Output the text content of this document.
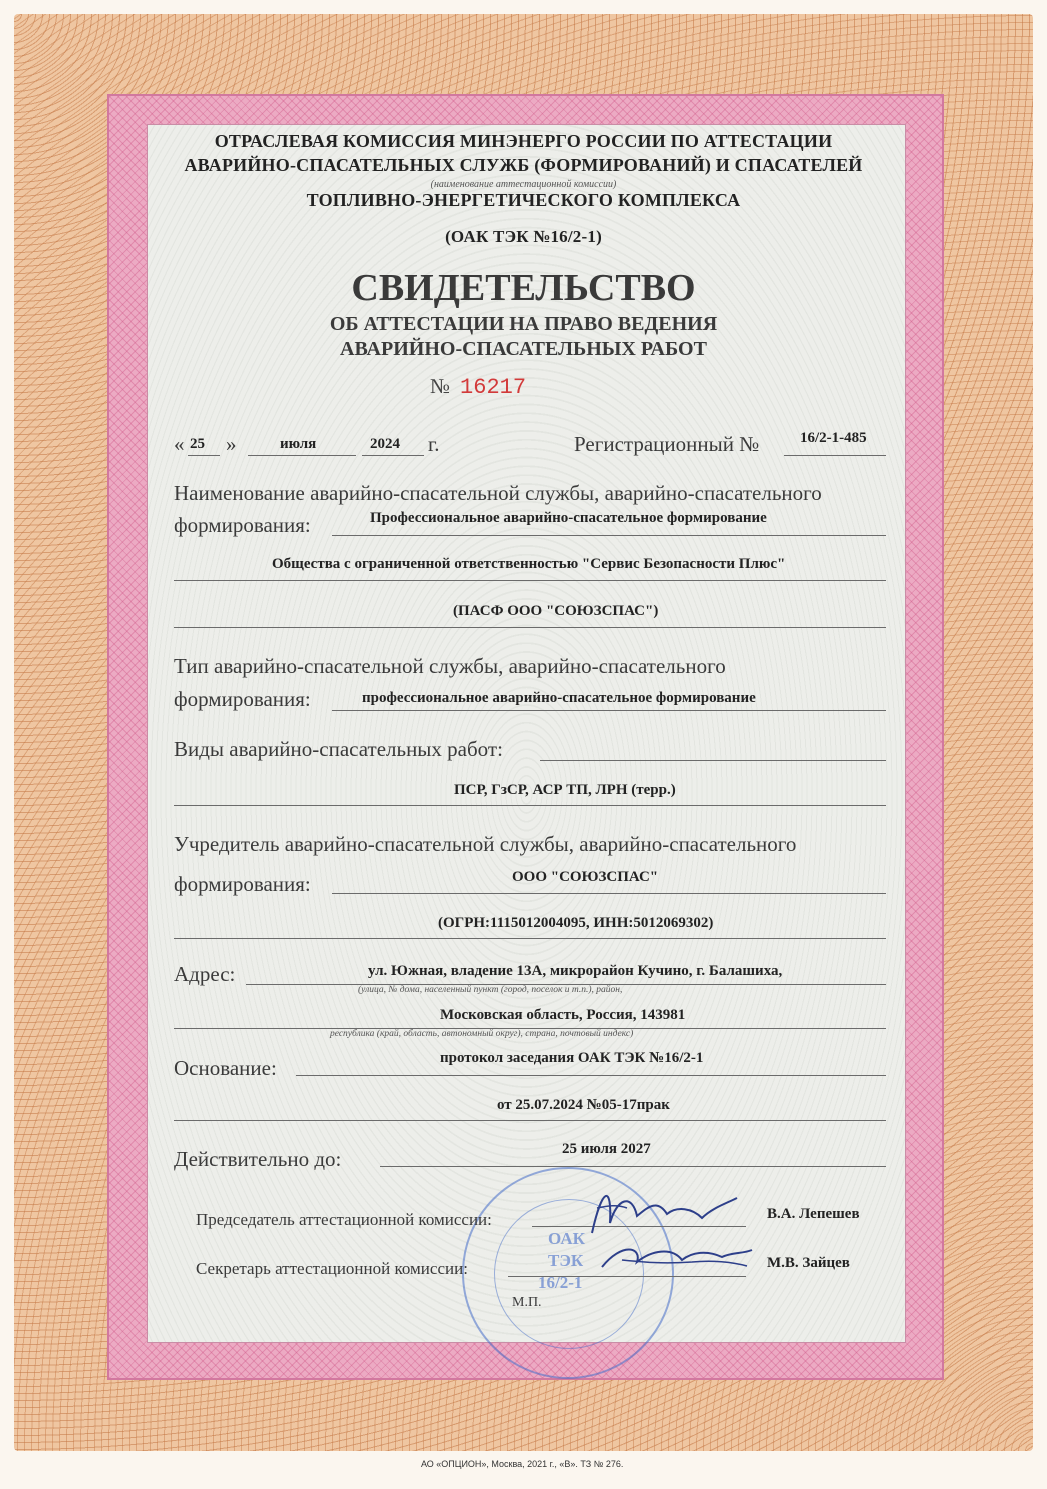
ОТРАСЛЕВАЯ КОМИССИЯ МИНЭНЕРГО РОССИИ ПО АТТЕСТАЦИИ
АВАРИЙНО-СПАСАТЕЛЬНЫХ СЛУЖБ (ФОРМИРОВАНИЙ) И СПАСАТЕЛЕЙ
(наименование аттестационной комиссии)
ТОПЛИВНО-ЭНЕРГЕТИЧЕСКОГО КОМПЛЕКСА
(ОАК ТЭК №16/2-1)
СВИДЕТЕЛЬСТВО
ОБ АТТЕСТАЦИИ НА ПРАВО ВЕДЕНИЯ
АВАРИЙНО-СПАСАТЕЛЬНЫХ РАБОТ
№ 16217
« 25 »	июля	2024 г.	Регистрационный №	16/2-1-485
Наименование аварийно-спасательной службы, аварийно-спасательного
формирования:	Профессиональное аварийно-спасательное формирование
Общества с ограниченной ответственностью "Сервис Безопасности Плюс"
(ПАСФ ООО "СОЮЗСПАС")
Тип аварийно-спасательной службы, аварийно-спасательного
формирования:	профессиональное аварийно-спасательное формирование
Виды аварийно-спасательных работ:
ПСР, ГзСР, АСР ТП, ЛРН (терр.)
Учредитель аварийно-спасательной службы, аварийно-спасательного
формирования:	ООО "СОЮЗСПАС"
(ОГРН:1115012004095, ИНН:5012069302)
Адрес:	ул. Южная, владение 13А, микрорайон Кучино, г. Балашиха,
(улица, № дома, населенный пункт (город, поселок и т.п.), район,
Московская область, Россия, 143981
республика (край, область, автономный округ), страна, почтовый индекс)
Основание:	протокол заседания ОАК ТЭК №16/2-1
от 25.07.2024 №05-17прак
Действительно до:	25 июля 2027
ОАК
ТЭК
16/2-1
Председатель аттестационной комиссии:	В.А. Лепешев
Секретарь аттестационной комиссии:	М.В. Зайцев
М.П.
АО «ОПЦИОН», Москва, 2021 г., «В». ТЗ № 276.
